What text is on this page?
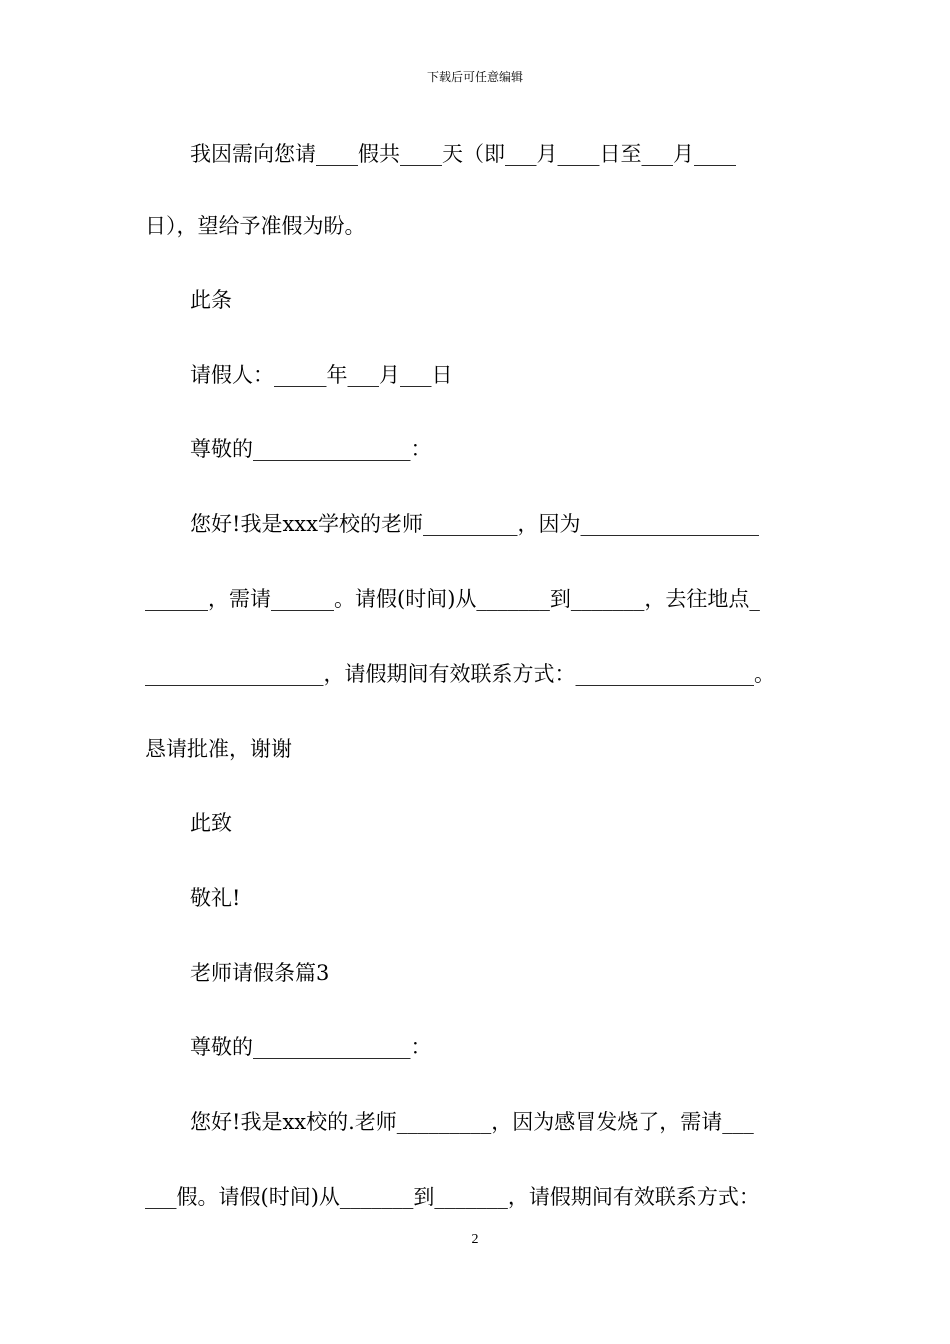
下载后可任意编辑
我因需向您请____假共____天（即___月____日至___月____
日），望给予准假为盼。
此条
请假人：_____年___月___日
尊敬的_______________：
您好!我是xxx学校的老师_________，因为_________________
______，需请______。请假(时间)从_______到_______，去往地点_
_________________，请假期间有效联系方式：_________________。
恳请批准，谢谢
此致
敬礼!
老师请假条篇3
尊敬的_______________：
您好!我是xx校的.老师_________，因为感冒发烧了，需请___
___假。请假(时间)从_______到_______，请假期间有效联系方式：
2
